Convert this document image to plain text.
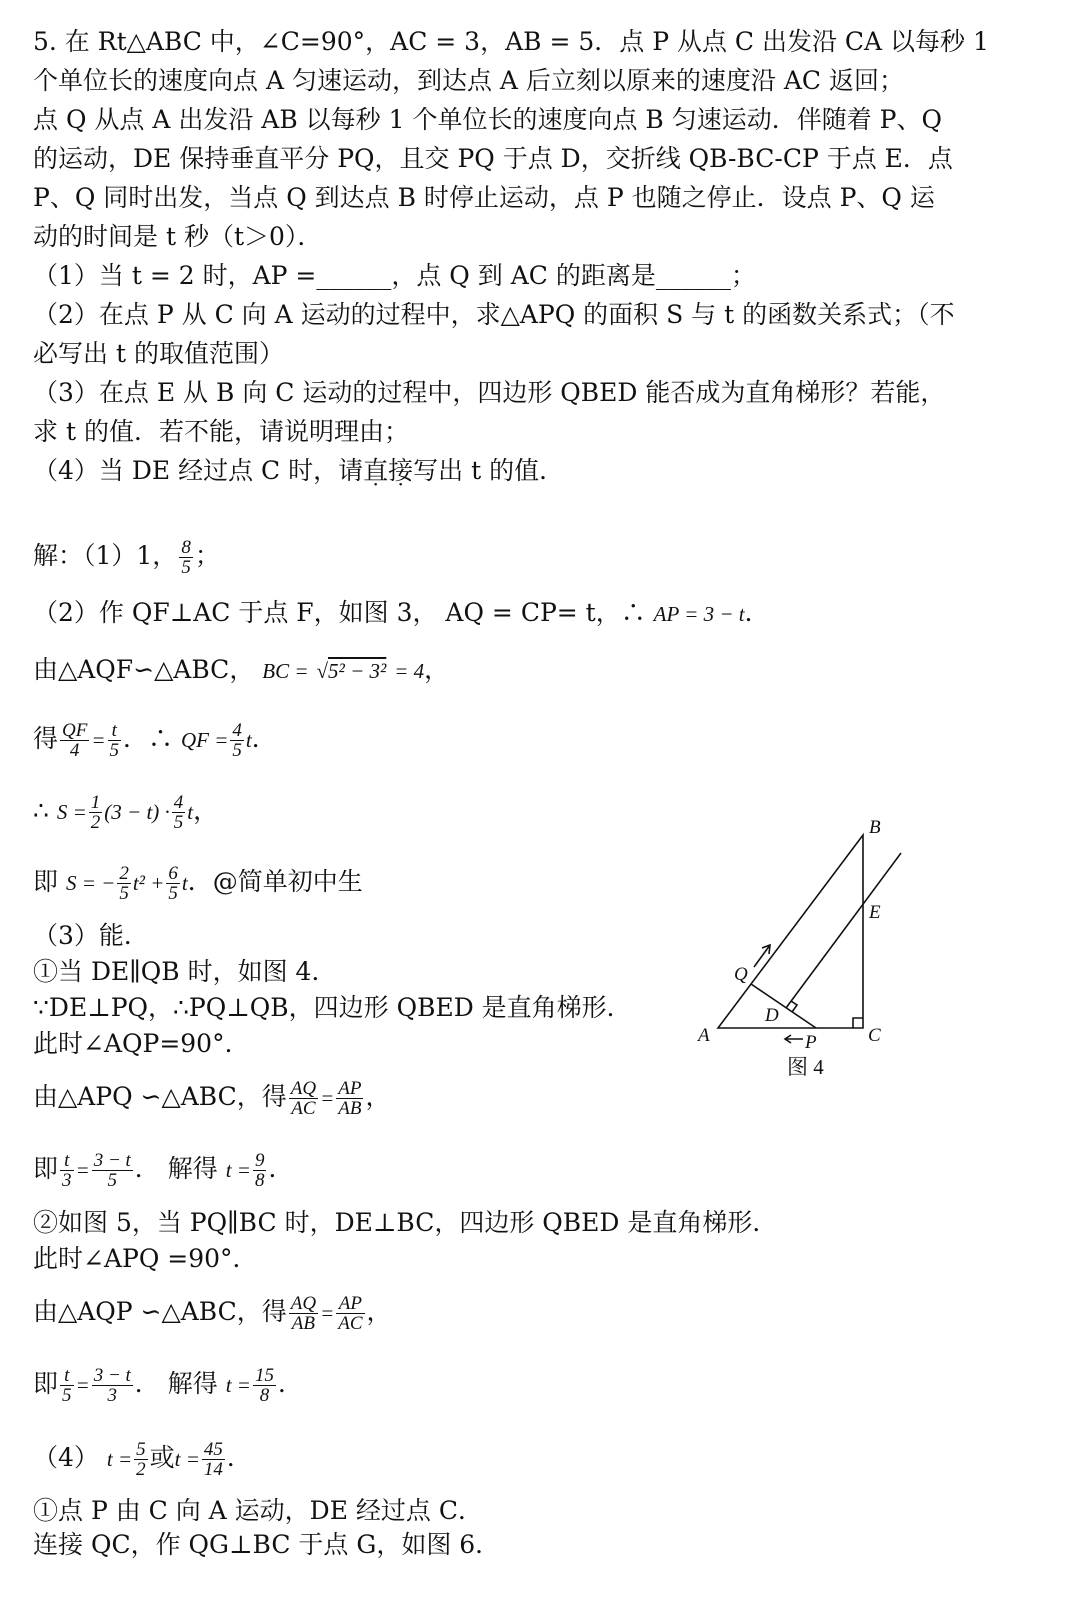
5. 在 Rt△ABC 中，∠C=90°，AC = 3，AB = 5．点 P 从点 C 出发沿 CA 以每秒 1
个单位长的速度向点 A 匀速运动，到达点 A 后立刻以原来的速度沿 AC 返回；
点 Q 从点 A 出发沿 AB 以每秒 1 个单位长的速度向点 B 匀速运动．伴随着 P、Q
的运动，DE 保持垂直平分 PQ，且交 PQ 于点 D，交折线 QB-BC-CP 于点 E．点
P、Q 同时出发，当点 Q 到达点 B 时停止运动，点 P 也随之停止．设点 P、Q 运
动的时间是 t 秒（t＞0）．
（1）当 t = 2 时，AP =______，点 Q 到 AC 的距离是______；
（2）在点 P 从 C 向 A 运动的过程中，求△APQ 的面积 S 与 t 的函数关系式；（不
必写出 t 的取值范围）
（3）在点 E 从 B 向 C 运动的过程中，四边形 QBED 能否成为直角梯形？若能，
求 t 的值．若不能，请说明理由；
（4）当 DE 经过点 C 时，请直接写出 t 的值．
解：（1）1， $\frac{8}{5}$ ；
（2）作 QF⊥AC 于点 F，如图 3， AQ = CP= t，∴ AP = 3 − t．
由△AQF∽△ABC， BC = √5² − 3² = 4，
得 $\frac{QF}{4} = \frac{t}{5}$ ．∴ QF = $\frac{4}{5}$ t．
∴ $S = \frac{1}{2} (3 - t) \cdot \frac{4}{5}$ t，
即 S = − $\frac{2}{5} t^2 + \frac{6}{5}$ t．@简单初中生
（3）能．
①当 DE∥QB 时，如图 4．
∵DE⊥PQ，∴PQ⊥QB，四边形 QBED 是直角梯形．
此时∠AQP=90°．
由△APQ ∽△ABC，得 $\frac{AQ}{AC} = \frac{AP}{AB}$ ，
即 $\frac{t}{3} = \frac{3 - t}{5}$ ． 解得 $t = \frac{9}{8}$ ．
②如图 5，当 PQ∥BC 时，DE⊥BC，四边形 QBED 是直角梯形．
此时∠APQ =90°．
由△AQP ∽△ABC，得 $\frac{AQ}{AB} = \frac{AP}{AC}$ ，
即 $\frac{t}{5} = \frac{3 - t}{3}$ ． 解得 $t = \frac{15}{8}$ ．
（4） $t = \frac{5}{2}$ 或$t = \frac{45}{14}$ ．
①点 P 由 C 向 A 运动，DE 经过点 C．
连接 QC，作 QG⊥BC 于点 G，如图 6．
B
E
Q
D
A	C
P
图 4
